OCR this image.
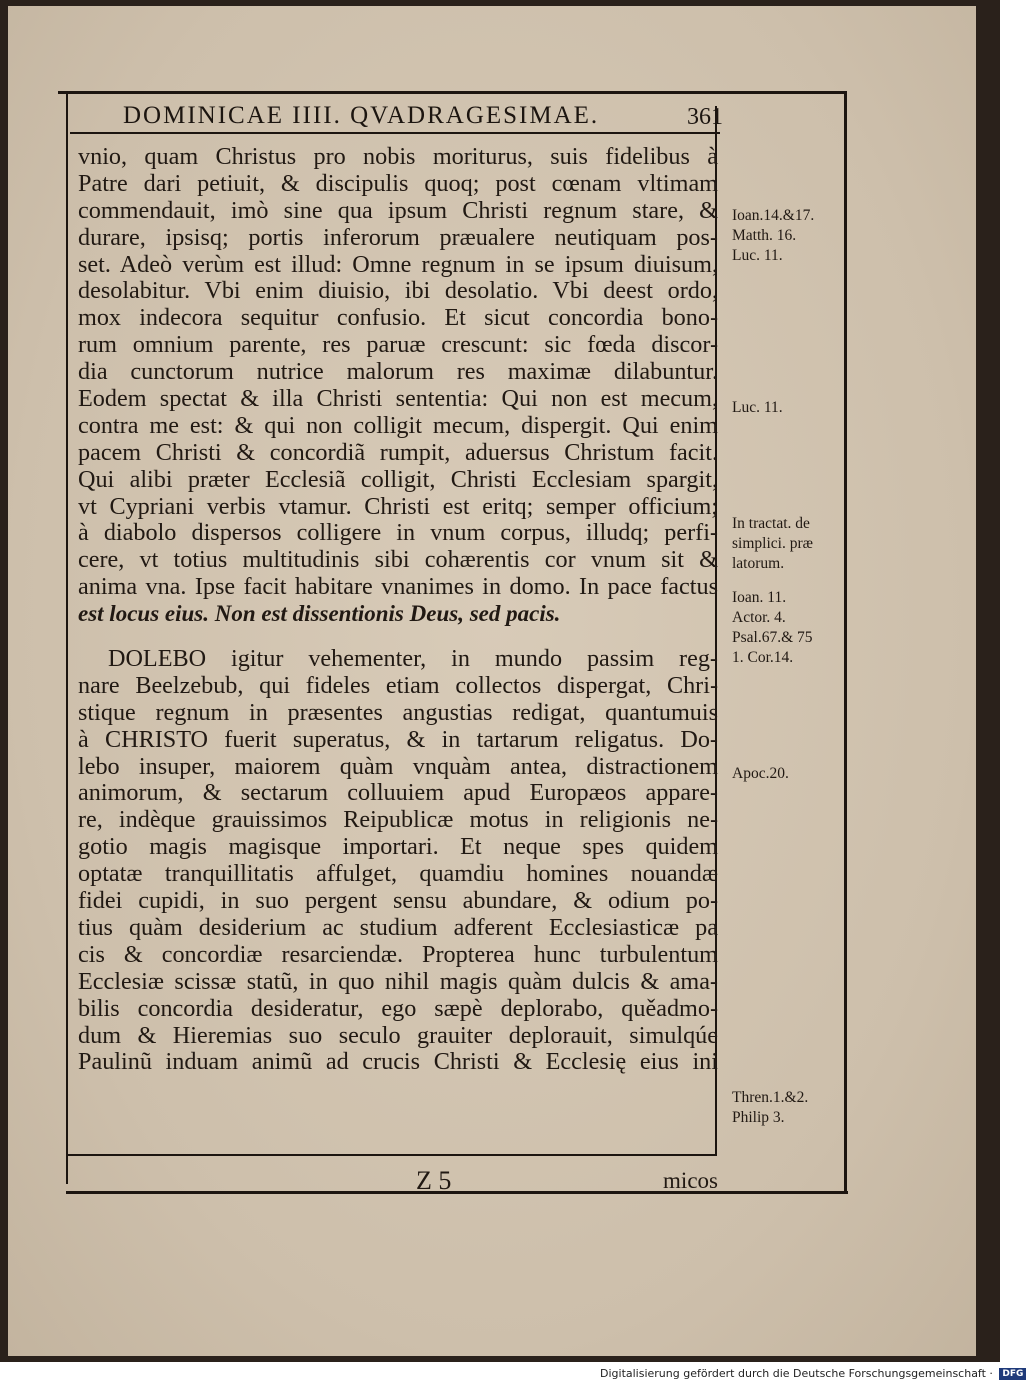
DOMINICAE IIII. QVADRAGESIMAE.	361
vnio, quam Christus pro nobis moriturus, suis fidelibus à
Patre dari petiuit, & discipulis quoq; post cœnam vltimam
commendauit, imò sine qua ipsum Christi regnum stare, &
durare, ipsisq; portis inferorum præualere neutiquam pos-
set. Adeò verùm est illud: Omne regnum in se ipsum diuisum,
desolabitur. Vbi enim diuisio, ibi desolatio. Vbi deest ordo,
mox indecora sequitur confusio. Et sicut concordia bono-
rum omnium parente, res paruæ crescunt: sic fœda discor-
dia cunctorum nutrice malorum res maximæ dilabuntur.
Eodem spectat & illa Christi sententia: Qui non est mecum,
contra me est: & qui non colligit mecum, dispergit. Qui enim
pacem Christi & concordiã rumpit, aduersus Christum facit.
Qui alibi præter Ecclesiã colligit, Christi Ecclesiam spargit,
vt Cypriani verbis vtamur. Christi est eritq; semper officium;
à diabolo dispersos colligere in vnum corpus, illudq; perfi-
cere, vt totius multitudinis sibi cohærentis cor vnum sit &
anima vna. Ipse facit habitare vnanimes in domo. In pace factus
est locus eius. Non est dissentionis Deus, sed pacis.
DOLEBO igitur vehementer, in mundo passim reg-
nare Beelzebub, qui fideles etiam collectos dispergat, Chri-
stique regnum in præsentes angustias redigat, quantumuis
à CHRISTO fuerit superatus, & in tartarum religatus. Do-
lebo insuper, maiorem quàm vnquàm antea, distractionem
animorum, & sectarum colluuiem apud Europæos appare-
re, indèque grauissimos Reipublicæ motus in religionis ne-
gotio magis magisque importari. Et neque spes quidem
optatæ tranquillitatis affulget, quamdiu homines nouandæ
fidei cupidi, in suo pergent sensu abundare, & odium po-
tius quàm desiderium ac studium adferent Ecclesiasticæ pa
cis & concordiæ resarciendæ. Propterea hunc turbulentum
Ecclesiæ scissæ statũ, in quo nihil magis quàm dulcis & ama-
bilis concordia desideratur, ego sæpè deplorabo, quěadmo-
dum & Hieremias suo seculo grauiter deplorauit, simulqúe
Paulinũ induam animũ ad crucis Christi & Ecclesię eius ini
Ioan.14.&17.
Matth. 16.
Luc. 11.
Luc. 11.
In tractat. de
simplici. præ
latorum.
Ioan. 11.
Actor. 4.
Psal.67.& 75
1. Cor.14.
Apoc.20.
Thren.1.&2.
Philip 3.
Z 5	micos
Digitalisierung gefördert durch die Deutsche Forschungsgemeinschaft · DFG
